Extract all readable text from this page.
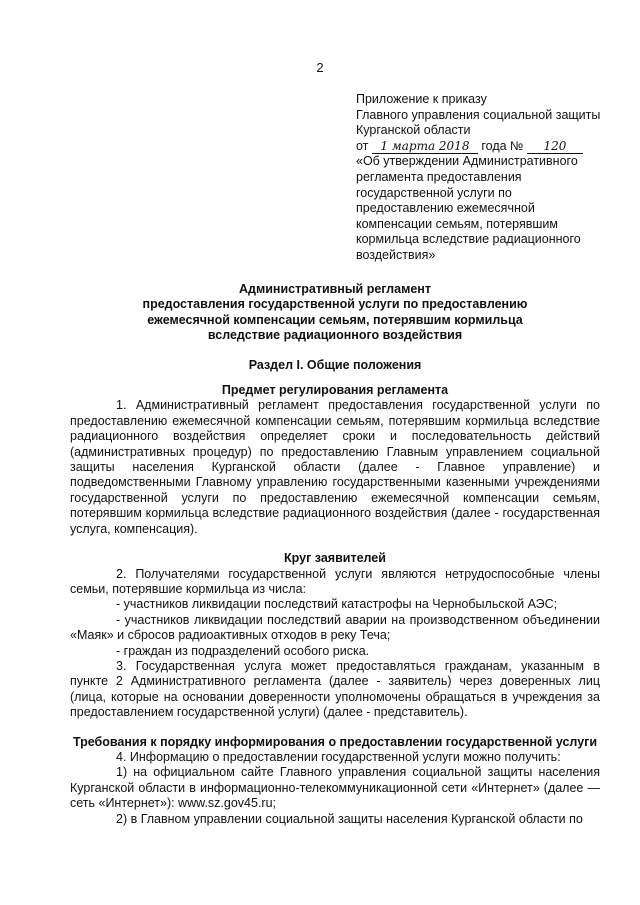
2
Приложение к приказу
Главного управления социальной защиты
Курганской области
от 1 марта 2018 года № 120
«Об утверждении Административного
регламента предоставления
государственной услуги по
предоставлению ежемесячной
компенсации семьям, потерявшим
кормильца вследствие радиационного
воздействия»
Административный регламент
предоставления государственной услуги по предоставлению
ежемесячной компенсации семьям, потерявшим кормильца
вследствие радиационного воздействия
Раздел I. Общие положения
Предмет регулирования регламента

1. Административный регламент предоставления государственной услуги по предоставлению ежемесячной компенсации семьям, потерявшим кормильца вследствие радиационного воздействия определяет сроки и последовательность действий (административных процедур) по предоставлению Главным управлением социальной защиты населения Курганской области (далее - Главное управление) и подведомственными Главному управлению государственными казенными учреждениями государственной услуги по предоставлению ежемесячной компенсации семьям, потерявшим кормильца вследствие радиационного воздействия (далее - государственная услуга, компенсация).

Круг заявителей

2. Получателями государственной услуги являются нетрудоспособные члены семьи, потерявшие кормильца из числа:

- участников ликвидации последствий катастрофы на Чернобыльской АЭС;

- участников ликвидации последствий аварии на производственном объединении «Маяк» и сбросов радиоактивных отходов в реку Теча;

- граждан из подразделений особого риска.

3. Государственная услуга может предоставляться гражданам, указанным в пункте 2 Административного регламента (далее - заявитель) через доверенных лиц (лица, которые на основании доверенности уполномочены обращаться в учреждения за предоставлением государственной услуги) (далее - представитель).

Требования к порядку информирования о предоставлении государственной услуги

4. Информацию о предоставлении государственной услуги можно получить:

1) на официальном сайте Главного управления социальной защиты населения Курганской области в информационно-телекоммуникационной сети «Интернет» (далее — сеть «Интернет»): www.sz.gov45.ru;

2) в Главном управлении социальной защиты населения Курганской области по
